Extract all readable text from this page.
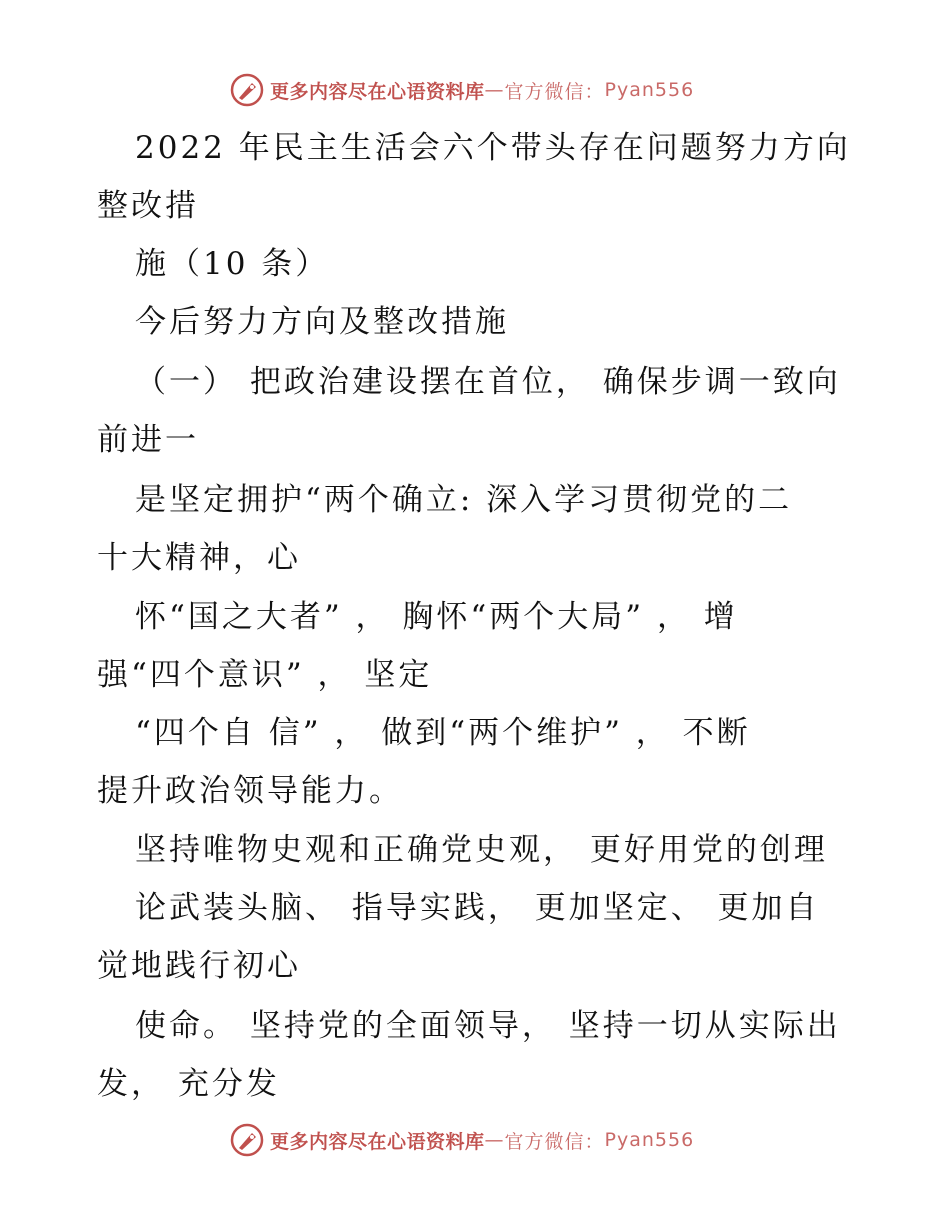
更多内容尽在心语资料库 — 官方微信： Pyan556
2022 年民主生活会六个带头存在问题努力方向
整改措
施（10 条）
今后努力方向及整改措施
（一） 把政治建设摆在首位， 确保步调一致向
前进一
是坚定拥护“两个确立: 深入学习贯彻党的二
十大精神，心
怀“国之大者” ， 胸怀“两个大局” ， 增
强“四个意识” ， 坚定
“四个自 信” ， 做到“两个维护” ， 不断
提升政治领导能力。
坚持唯物史观和正确党史观， 更好用党的创理
论武装头脑、 指导实践， 更加坚定、 更加自
觉地践行初心
使命。 坚持党的全面领导， 坚持一切从实际出
发， 充分发
更多内容尽在心语资料库 — 官方微信： Pyan556
